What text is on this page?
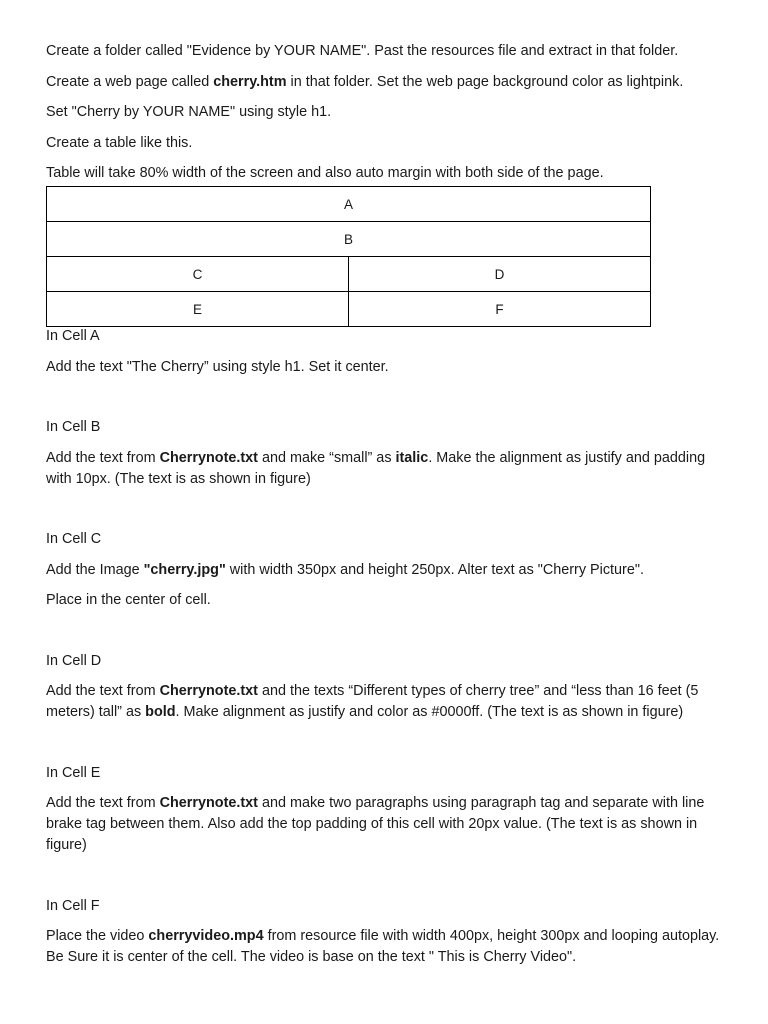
Create a folder called "Evidence by YOUR NAME". Past the resources file and extract in that folder.

Create a web page called cherry.htm in that folder. Set the web page background color as lightpink.

Set "Cherry by YOUR NAME" using style h1.

Create a table like this.

Table will take 80% width of the screen and also auto margin with both side of the page.

A	
B	
C	D
E	F

In Cell A

Add the text "The Cherry” using style h1. Set it center.

In Cell B

Add the text from Cherrynote.txt and make “small” as italic. Make the alignment as justify and padding with 10px. (The text is as shown in figure)

In Cell C

Add the Image "cherry.jpg" with width 350px and height 250px. Alter text as "Cherry Picture".

Place in the center of cell.

In Cell D

Add the text from Cherrynote.txt and the texts “Different types of cherry tree” and “less than 16 feet (5 meters) tall” as bold. Make alignment as justify and color as #0000ff. (The text is as shown in figure)

In Cell E

Add the text from Cherrynote.txt and make two paragraphs using paragraph tag and separate with line brake tag between them. Also add the top padding of this cell with 20px value. (The text is as shown in figure)

In Cell F

Place the video cherryvideo.mp4 from resource file with width 400px, height 300px and looping autoplay. Be Sure it is center of the cell. The video is base on the text " This is Cherry Video".
